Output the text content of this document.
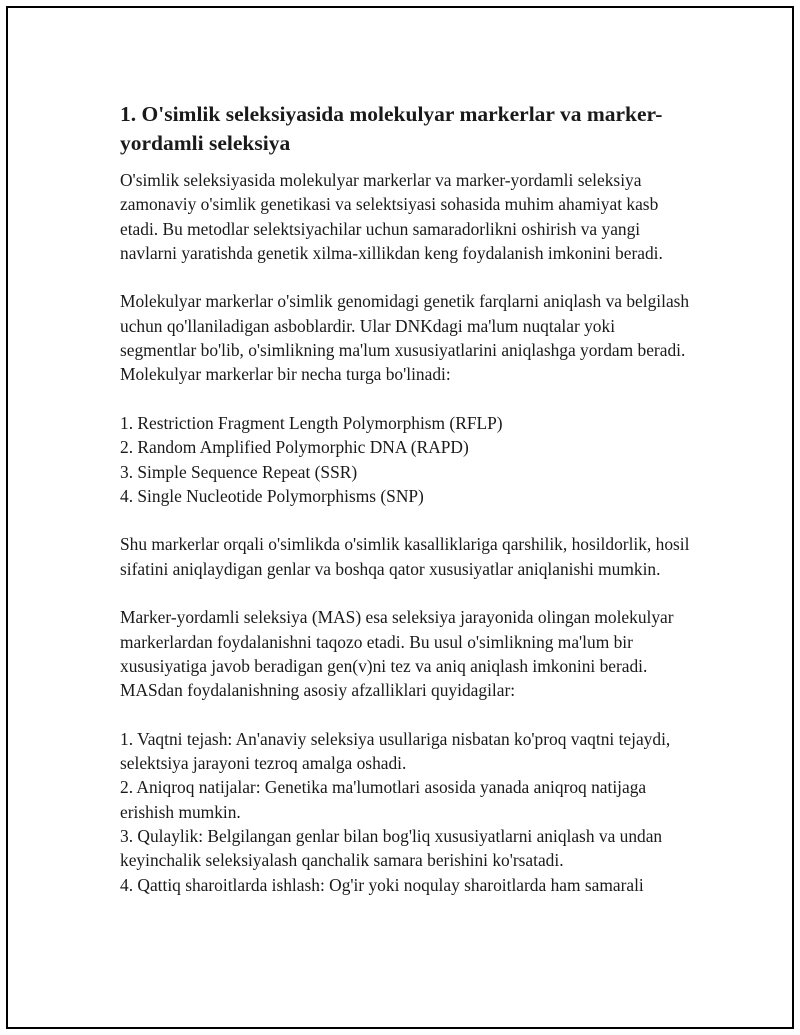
1. O'simlik seleksiyasida molekulyar markerlar va marker-yordamli seleksiya

O'simlik seleksiyasida molekulyar markerlar va marker-yordamli seleksiya zamonaviy o'simlik genetikasi va selektsiyasi sohasida muhim ahamiyat kasb etadi. Bu metodlar selektsiyachilar uchun samaradorlikni oshirish va yangi navlarni yaratishda genetik xilma-xillikdan keng foydalanish imkonini beradi.

Molekulyar markerlar o'simlik genomidagi genetik farqlarni aniqlash va belgilash uchun qo'llaniladigan asboblardir. Ular DNKdagi ma'lum nuqtalar yoki segmentlar bo'lib, o'simlikning ma'lum xususiyatlarini aniqlashga yordam beradi. Molekulyar markerlar bir necha turga bo'linadi:

1. Restriction Fragment Length Polymorphism (RFLP)
2. Random Amplified Polymorphic DNA (RAPD)
3. Simple Sequence Repeat (SSR)
4. Single Nucleotide Polymorphisms (SNP)

Shu markerlar orqali o'simlikda o'simlik kasalliklariga qarshilik, hosildorlik, hosil sifatini aniqlaydigan genlar va boshqa qator xususiyatlar aniqlanishi mumkin.

Marker-yordamli seleksiya (MAS) esa seleksiya jarayonida olingan molekulyar markerlardan foydalanishni taqozo etadi. Bu usul o'simlikning ma'lum bir xususiyatiga javob beradigan gen(v)ni tez va aniq aniqlash imkonini beradi. MASdan foydalanishning asosiy afzalliklari quyidagilar:

1. Vaqtni tejash: An'anaviy seleksiya usullariga nisbatan ko'proq vaqtni tejaydi, selektsiya jarayoni tezroq amalga oshadi.
2. Aniqroq natijalar: Genetika ma'lumotlari asosida yanada aniqroq natijaga erishish mumkin.
3. Qulaylik: Belgilangan genlar bilan bog'liq xususiyatlarni aniqlash va undan keyinchalik seleksiyalash qanchalik samara berishini ko'rsatadi.
4. Qattiq sharoitlarda ishlash: Og'ir yoki noqulay sharoitlarda ham samarali
